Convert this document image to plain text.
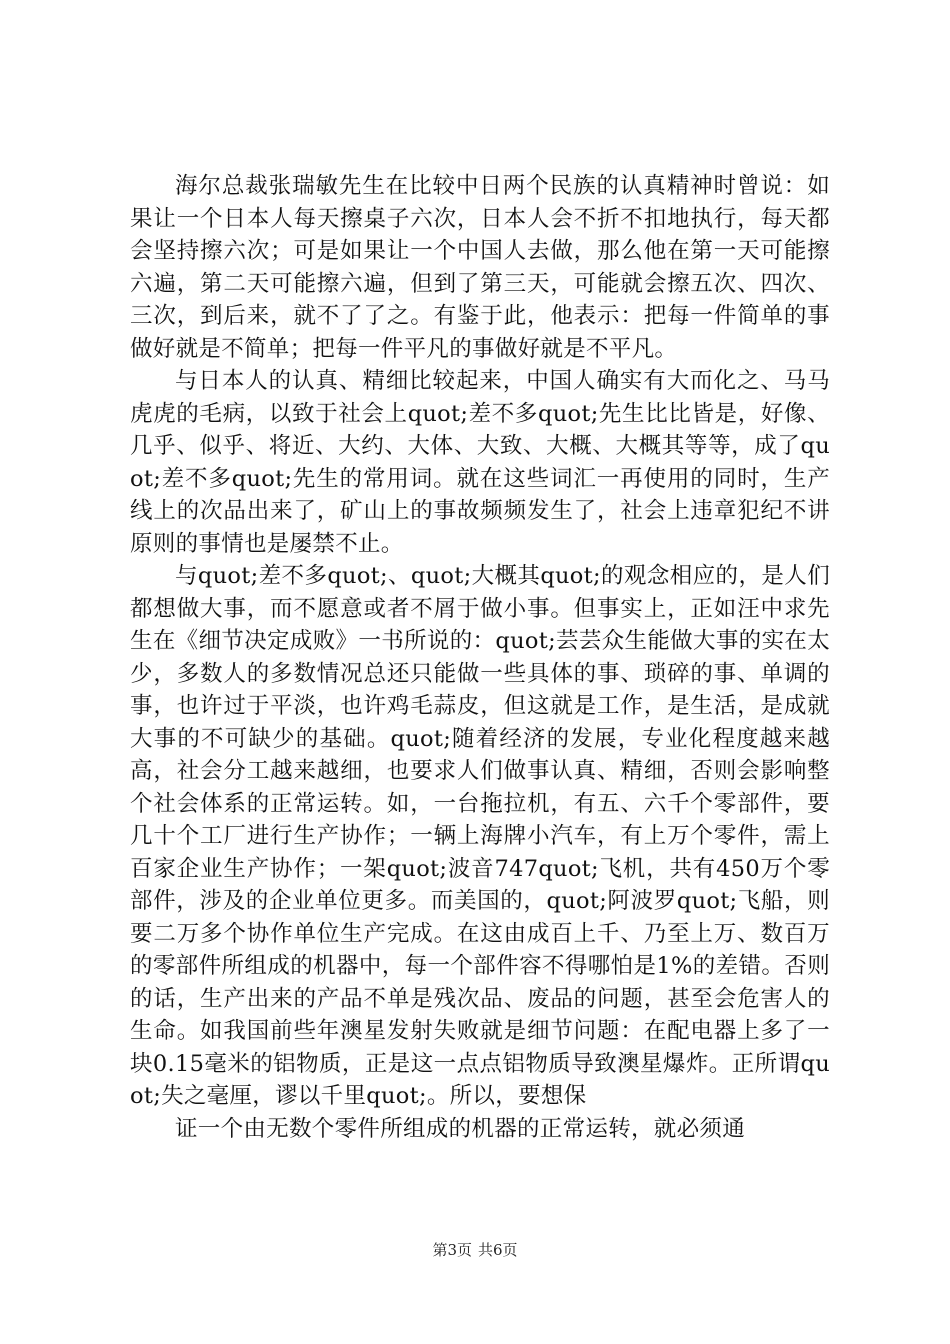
海尔总裁张瑞敏先生在比较中日两个民族的认真精神时曾说：如果让一个日本人每天擦桌子六次，日本人会不折不扣地执行，每天都会坚持擦六次；可是如果让一个中国人去做，那么他在第一天可能擦六遍，第二天可能擦六遍，但到了第三天，可能就会擦五次、四次、三次，到后来，就不了了之。有鉴于此，他表示：把每一件简单的事做好就是不简单；把每一件平凡的事做好就是不平凡。

与日本人的认真、精细比较起来，中国人确实有大而化之、马马虎虎的毛病，以致于社会上quot;差不多quot;先生比比皆是，好像、几乎、似乎、将近、大约、大体、大致、大概、大概其等等，成了quot;差不多quot;先生的常用词。就在这些词汇一再使用的同时，生产线上的次品出来了，矿山上的事故频频发生了，社会上违章犯纪不讲原则的事情也是屡禁不止。

与quot;差不多quot;、quot;大概其quot;的观念相应的，是人们都想做大事，而不愿意或者不屑于做小事。但事实上，正如汪中求先生在《细节决定成败》一书所说的：quot;芸芸众生能做大事的实在太少，多数人的多数情况总还只能做一些具体的事、琐碎的事、单调的事，也许过于平淡，也许鸡毛蒜皮，但这就是工作，是生活，是成就大事的不可缺少的基础。quot;随着经济的发展，专业化程度越来越高，社会分工越来越细，也要求人们做事认真、精细，否则会影响整个社会体系的正常运转。如，一台拖拉机，有五、六千个零部件，要几十个工厂进行生产协作；一辆上海牌小汽车，有上万个零件，需上百家企业生产协作；一架quot;波音747quot;飞机，共有450万个零部件，涉及的企业单位更多。而美国的，quot;阿波罗quot;飞船，则要二万多个协作单位生产完成。在这由成百上千、乃至上万、数百万的零部件所组成的机器中，每一个部件容不得哪怕是1%的差错。否则的话，生产出来的产品不单是残次品、废品的问题，甚至会危害人的生命。如我国前些年澳星发射失败就是细节问题：在配电器上多了一块0.15毫米的铝物质，正是这一点点铝物质导致澳星爆炸。正所谓quot;失之毫厘，谬以千里quot;。所以，要想保

证一个由无数个零件所组成的机器的正常运转，就必须通

第3页 共6页
